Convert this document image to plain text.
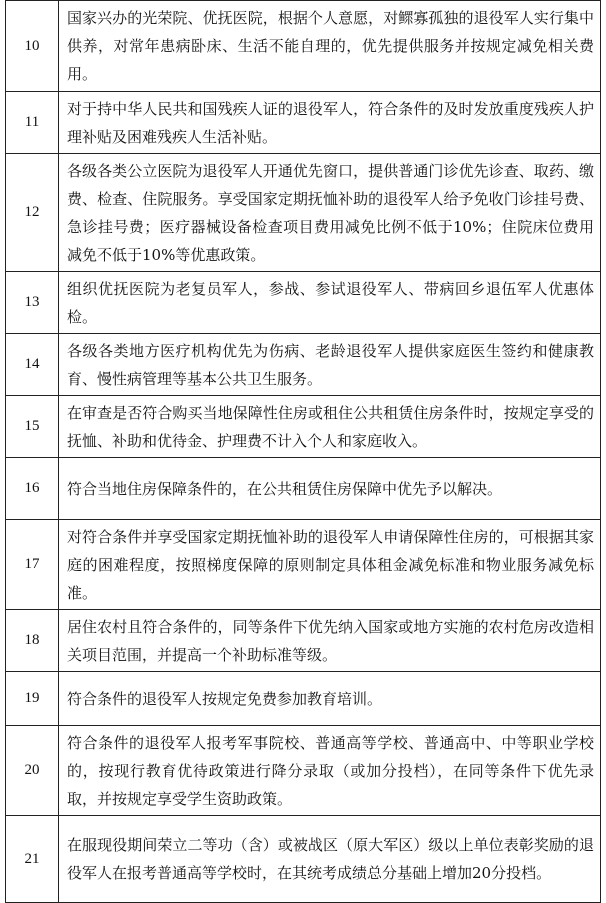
10	国家兴办的光荣院、优抚医院，根据个人意愿，对鳏寡孤独的退役军人实行集中供养，对常年患病卧床、生活不能自理的，优先提供服务并按规定减免相关费用。

11	对于持中华人民共和国残疾人证的退役军人，符合条件的及时发放重度残疾人护理补贴及困难残疾人生活补贴。

12	各级各类公立医院为退役军人开通优先窗口，提供普通门诊优先诊查、取药、缴费、检查、住院服务。享受国家定期抚恤补助的退役军人给予免收门诊挂号费、急诊挂号费；医疗器械设备检查项目费用减免比例不低于10%；住院床位费用减免不低于10%等优惠政策。

13	组织优抚医院为老复员军人，参战、参试退役军人、带病回乡退伍军人优惠体检。

14	各级各类地方医疗机构优先为伤病、老龄退役军人提供家庭医生签约和健康教育、慢性病管理等基本公共卫生服务。

15	在审查是否符合购买当地保障性住房或租住公共租赁住房条件时，按规定享受的抚恤、补助和优待金、护理费不计入个人和家庭收入。

16	符合当地住房保障条件的，在公共租赁住房保障中优先予以解决。

17	对符合条件并享受国家定期抚恤补助的退役军人申请保障性住房的，可根据其家庭的困难程度，按照梯度保障的原则制定具体租金减免标准和物业服务减免标准。

18	居住农村且符合条件的，同等条件下优先纳入国家或地方实施的农村危房改造相关项目范围，并提高一个补助标准等级。

19	符合条件的退役军人按规定免费参加教育培训。

20	符合条件的退役军人报考军事院校、普通高等学校、普通高中、中等职业学校的，按现行教育优待政策进行降分录取（或加分投档），在同等条件下优先录取，并按规定享受学生资助政策。

21	在服现役期间荣立二等功（含）或被战区（原大军区）级以上单位表彰奖励的退役军人在报考普通高等学校时，在其统考成绩总分基础上增加20分投档。
